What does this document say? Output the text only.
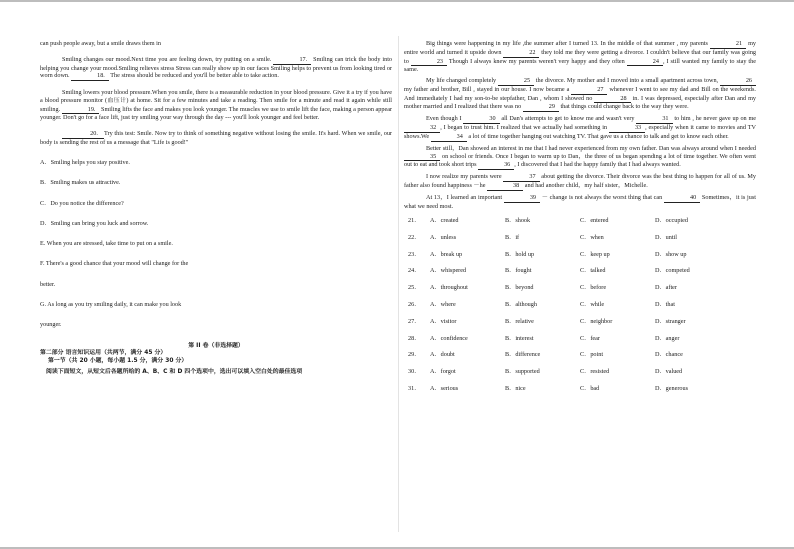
can push people away, but a smile draws them in

Smiling changes our mood.Next time you are feeling down, try putting on a smile.	17. Smiling can trick the body into helping you change your mood.Smiling relieves stress Stress can really show up in our faces Smiling helps to prevent us from looking tired or worn down.	18. The stress should be reduced and you'll be better able to take action.

Smiling lowers your blood pressure.When you smile, there is a measurable reduction in your blood pressure. Give it a try if you have a blood pressure monitor (血压计) at home. Sit for a few minutes and take a reading. Then smile for a minute and read it again while still smiling.	19. Smiling lifts the face and makes you look younger. The muscles we use to smile lift the face, making a person appear younger. Don't go for a face lift, just try smiling your way through the day --- you'll look younger and feel better.

20. Try this test: Smile. Now try to think of something negative without losing the smile. It's hard. When we smile, our body is sending the rest of us a message that "Life is good!"

A．Smiling helps you stay positive.

B．Smiling makes us attractive.

C．Do you notice the difference?

D．Smiling can bring you luck and sorrow.

E. When you are stressed, take time to put on a smile.

F. There's a good chance that your mood will change for the

better.

G. As long as you try smiling daily, it can make you look

younger.

第 II 卷（非选择题）

第二部分 语言知识运用（共两节，满分 45 分）

第一节（共 20 小题，每小题 1.5 分，满分 30 分）

阅读下面短文，从短文后各题所给的 A、B、C 和 D 四个选项中，选出可以填入空白处的最佳选项

Big things were happening in my life ,the summer after I turned 13. In the middle of that summer , my parents	21 my entire world and turned it upside down	22 they told me they were getting a divorce. I couldn't believe that our family was going to	23 Though I always knew my parents weren't very happy and they often	24 , I still wanted my family to stay the same.

My life changed completely	25 the divorce. My mother and I moved into a small apartment across town,	26 my father and brother, Bill , stayed in our house. I now became a	27 whenever I went to see my dad and Bill on the weekends. And immediately I had my son-to-be stepfather, Dan , whom I showed no	28 in. I was depressed, especially after Dan and my mother married and I realized that there was no	29 that things could change back to the way they were.

Even though I	30 all Dan's attempts to get to know me and wasn't very	31 to him , he never gave up on me 32 , I began to trust him. I realized that we actually had something in	33 , especially when it came to movies and TV shows.We	34 a lot of time together hanging out watching TV. That gave us a chance to talk and get to know each other.

Better still，Dan showed an interest in me that I had never experienced from my own father. Dan was always around when I needed 35 on school or friends. Once I began to warm up to Dan，the three of us began spending a lot of time together. We often went out to eat and took short trips	36 , I discovered that I had the happy family that I had always wanted.

I now realize my parents were	37 about getting the divorce. Their divorce was the best thing to happen for all of us. My father also found happiness －he	38 and had another child，my half sister，Michelle.

At 13，I learned an important	39 － change is not always the worst thing that can	40 Sometimes，it is just what we need most.

21．	A．created	B．shook	C．entered	D．occupied
22．	A．unless	B．if	C．when	D．until
23．	A．break up	B．hold up	C．keep up	D．show up
24．	A．whispered	B．fought	C．talked	D．competed
25．	A．throughout	B．beyond	C．before	D．after
26．	A．where	B．although	C．while	D．that
27．	A．visitor	B．relative	C．neighbor	D．stranger
28．	A．confidence	B．interest	C．fear	D．anger
29．	A．doubt	B．difference	C．point	D．chance
30．	A．forgot	B．supported	C．resisted	D．valued
31．	A．serious	B．nice	C．bad	D．generous
